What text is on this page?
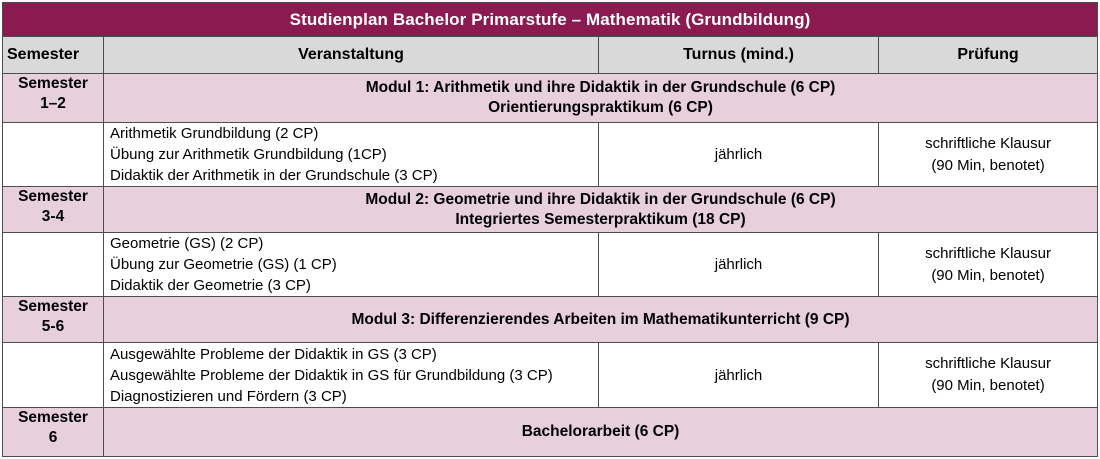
Studienplan Bachelor Primarstufe – Mathematik (Grundbildung)			
Semester	Veranstaltung	Turnus (mind.)	Prüfung

Semester
1–2	Modul 1: Arithmetik und ihre Didaktik in der Grundschule (6 CP)
Orientierungspraktikum (6 CP)		

	Arithmetik Grundbildung (2 CP)
Übung zur Arithmetik Grundbildung (1CP)
Didaktik der Arithmetik in der Grundschule (3 CP)	jährlich	schriftliche Klausur
(90 Min, benotet)

Semester
3-4	Modul 2: Geometrie und ihre Didaktik in der Grundschule (6 CP)
Integriertes Semesterpraktikum (18 CP)		

	Geometrie (GS) (2 CP)
Übung zur Geometrie (GS) (1 CP)
Didaktik der Geometrie (3 CP)	jährlich	schriftliche Klausur
(90 Min, benotet)

Semester
5-6	Modul 3: Differenzierendes Arbeiten im Mathematikunterricht (9 CP)		

	Ausgewählte Probleme der Didaktik in GS (3 CP)
Ausgewählte Probleme der Didaktik in GS für Grundbildung (3 CP)
Diagnostizieren und Fördern (3 CP)	jährlich	schriftliche Klausur
(90 Min, benotet)

Semester
6	Bachelorarbeit (6 CP)		
